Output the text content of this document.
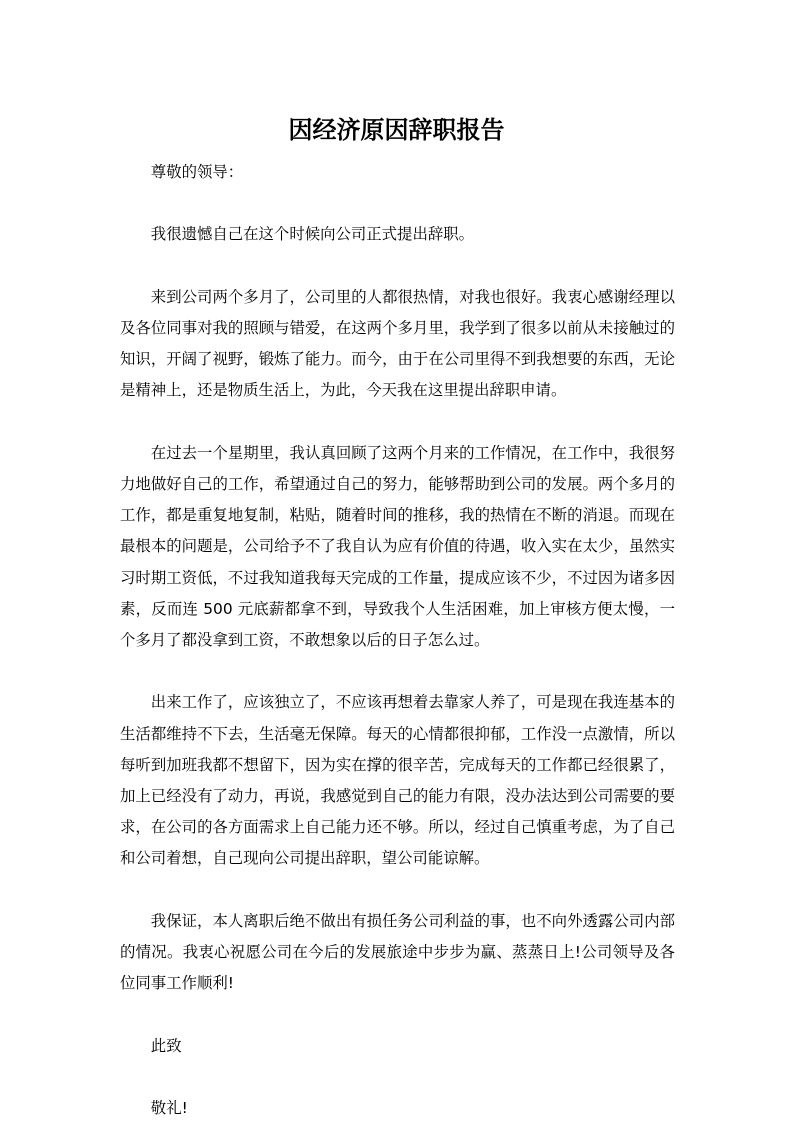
因经济原因辞职报告

尊敬的领导：

我很遗憾自己在这个时候向公司正式提出辞职。

来到公司两个多月了，公司里的人都很热情，对我也很好。我衷心感谢经理以及各位同事对我的照顾与错爱，在这两个多月里，我学到了很多以前从未接触过的知识，开阔了视野，锻炼了能力。而今，由于在公司里得不到我想要的东西，无论是精神上，还是物质生活上，为此，今天我在这里提出辞职申请。

在过去一个星期里，我认真回顾了这两个月来的工作情况，在工作中，我很努力地做好自己的工作，希望通过自己的努力，能够帮助到公司的发展。两个多月的工作，都是重复地复制，粘贴，随着时间的推移，我的热情在不断的消退。而现在最根本的问题是，公司给予不了我自认为应有价值的待遇，收入实在太少，虽然实习时期工资低，不过我知道我每天完成的工作量，提成应该不少，不过因为诸多因素，反而连 500 元底薪都拿不到，导致我个人生活困难，加上审核方便太慢，一个多月了都没拿到工资，不敢想象以后的日子怎么过。

出来工作了，应该独立了，不应该再想着去靠家人养了，可是现在我连基本的生活都维持不下去，生活毫无保障。每天的心情都很抑郁，工作没一点激情，所以每听到加班我都不想留下，因为实在撑的很辛苦，完成每天的工作都已经很累了，加上已经没有了动力，再说，我感觉到自己的能力有限，没办法达到公司需要的要求，在公司的各方面需求上自己能力还不够。所以，经过自己慎重考虑，为了自己和公司着想，自己现向公司提出辞职，望公司能谅解。

我保证，本人离职后绝不做出有损任务公司利益的事，也不向外透露公司内部的情况。我衷心祝愿公司在今后的发展旅途中步步为赢、蒸蒸日上!公司领导及各位同事工作顺利!

此致

敬礼!
